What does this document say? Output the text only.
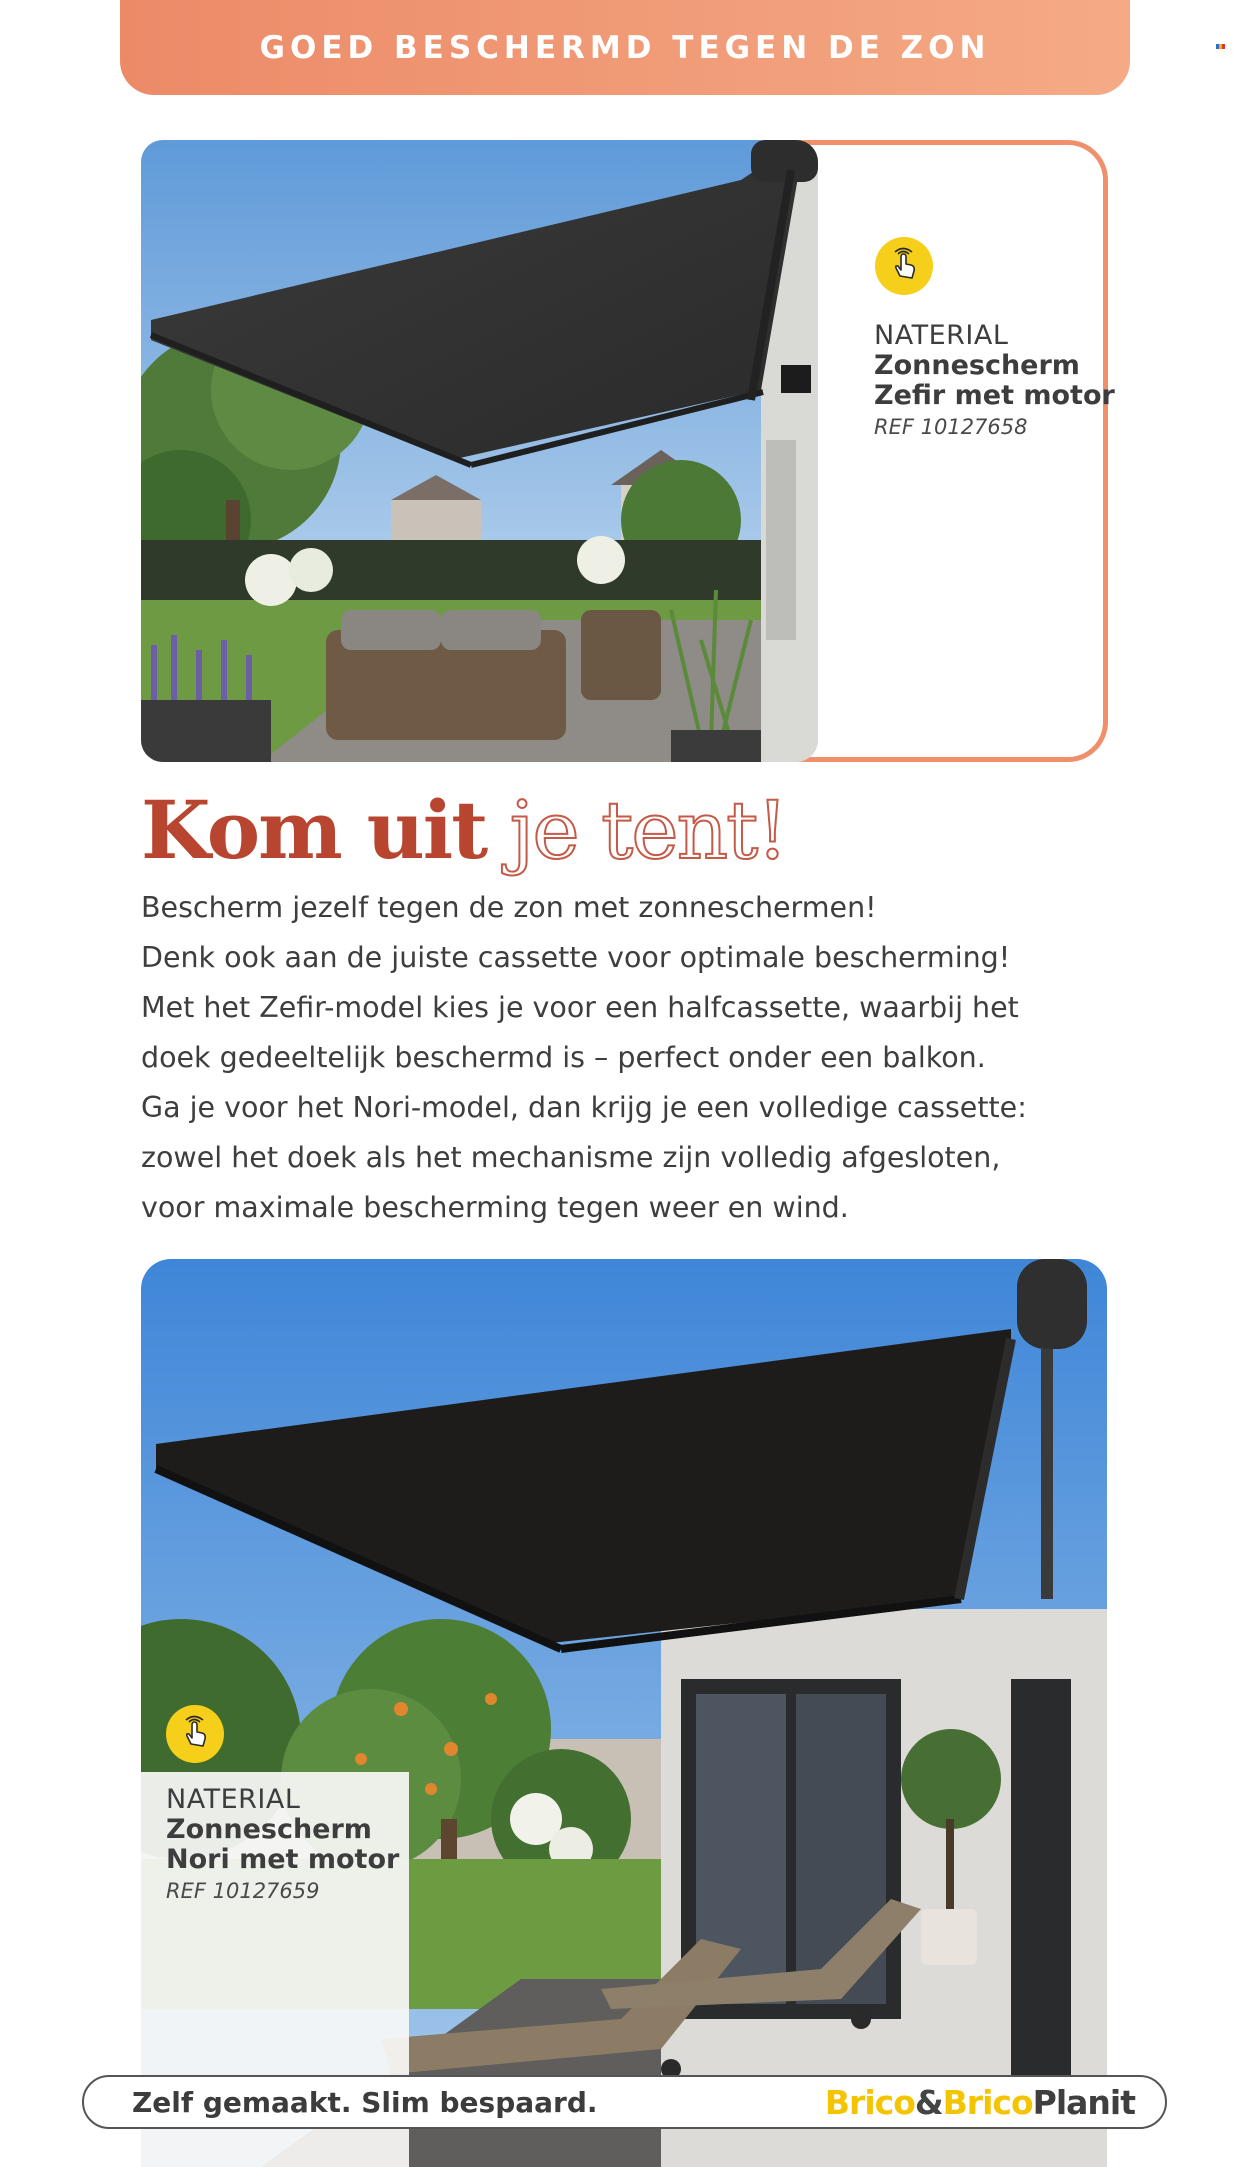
GOED BESCHERMD TEGEN DE ZON
NATERIAL
Zonnescherm
Zefir met motor
REF 10127658
Kom uit je tent!
Bescherm jezelf tegen de zon met zonneschermen!
Denk ook aan de juiste cassette voor optimale bescherming!
Met het Zefir-model kies je voor een halfcassette, waarbij het
doek gedeeltelijk beschermd is – perfect onder een balkon.
Ga je voor het Nori-model, dan krijg je een volledige cassette:
zowel het doek als het mechanisme zijn volledig afgesloten,
voor maximale bescherming tegen weer en wind.
NATERIAL
Zonnescherm
Nori met motor
REF 10127659
Zelf gemaakt. Slim bespaard.	Brico&BricoPlanit
